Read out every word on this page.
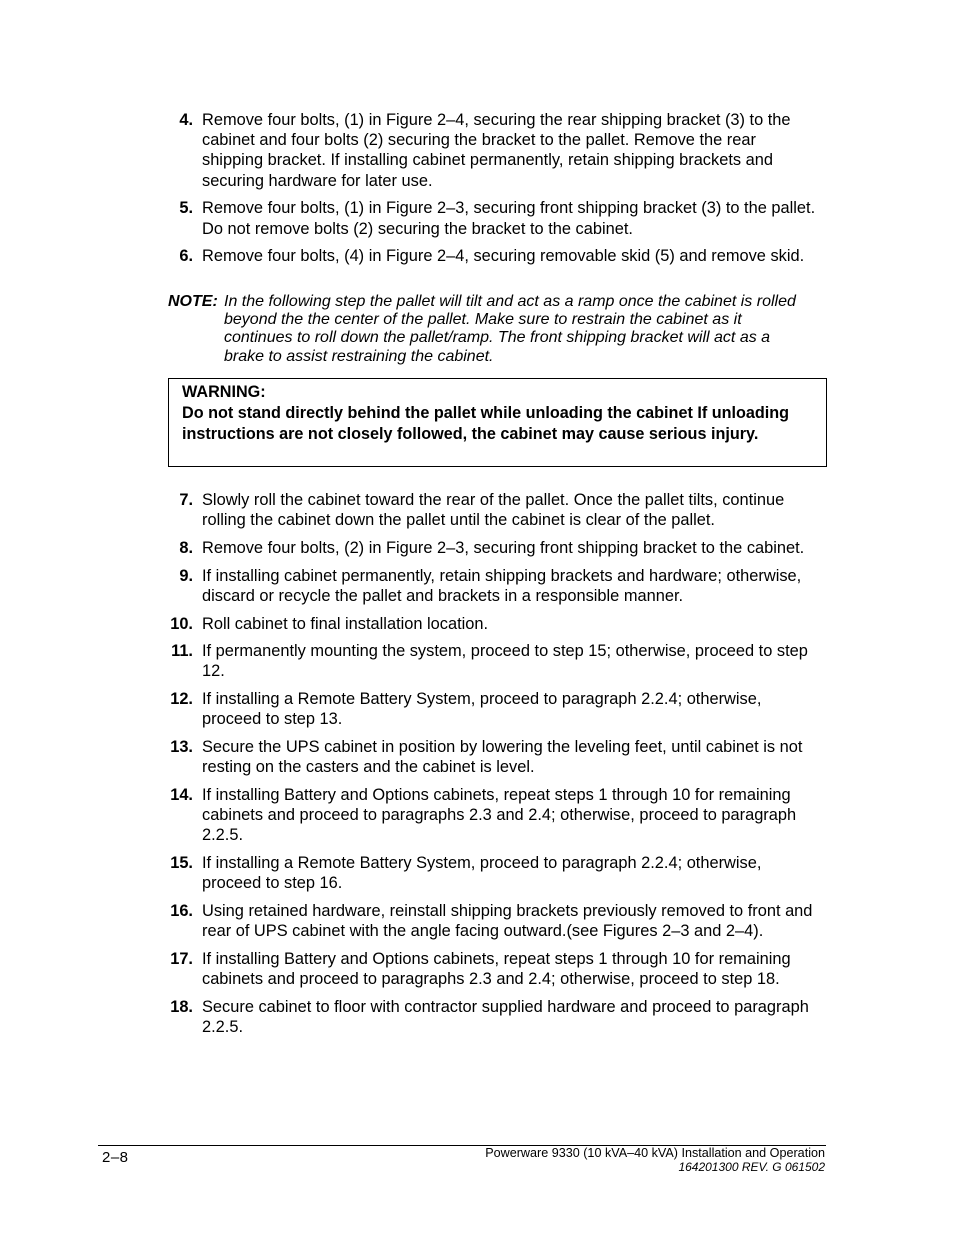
4. Remove four bolts, (1) in Figure 2–4, securing the rear shipping bracket (3) to the cabinet and four bolts (2) securing the bracket to the pallet. Remove the rear shipping bracket. If installing cabinet permanently, retain shipping brackets and securing hardware for later use.
5. Remove four bolts, (1) in Figure 2–3, securing front shipping bracket (3) to the pallet. Do not remove bolts (2) securing the bracket to the cabinet.
6. Remove four bolts, (4) in Figure 2–4, securing removable skid (5) and remove skid.
NOTE: In the following step the pallet will tilt and act as a ramp once the cabinet is rolled beyond the the center of the pallet. Make sure to restrain the cabinet as it continues to roll down the pallet/ramp. The front shipping bracket will act as a brake to assist restraining the cabinet.
WARNING:
Do not stand directly behind the pallet while unloading the cabinet If unloading instructions are not closely followed, the cabinet may cause serious injury.
7. Slowly roll the cabinet toward the rear of the pallet. Once the pallet tilts, continue rolling the cabinet down the pallet until the cabinet is clear of the pallet.
8. Remove four bolts, (2) in Figure 2–3, securing front shipping bracket to the cabinet.
9. If installing cabinet permanently, retain shipping brackets and hardware; otherwise, discard or recycle the pallet and brackets in a responsible manner.
10. Roll cabinet to final installation location.
11. If permanently mounting the system, proceed to step 15; otherwise, proceed to step 12.
12. If installing a Remote Battery System, proceed to paragraph 2.2.4; otherwise, proceed to step 13.
13. Secure the UPS cabinet in position by lowering the leveling feet, until cabinet is not resting on the casters and the cabinet is level.
14. If installing Battery and Options cabinets, repeat steps 1 through 10 for remaining cabinets and proceed to paragraphs 2.3 and 2.4; otherwise, proceed to paragraph 2.2.5.
15. If installing a Remote Battery System, proceed to paragraph 2.2.4; otherwise, proceed to step 16.
16. Using retained hardware, reinstall shipping brackets previously removed to front and rear of UPS cabinet with the angle facing outward.(see Figures 2–3 and 2–4).
17. If installing Battery and Options cabinets, repeat steps 1 through 10 for remaining cabinets and proceed to paragraphs 2.3 and 2.4; otherwise, proceed to step 18.
18. Secure cabinet to floor with contractor supplied hardware and proceed to paragraph 2.2.5.
2–8	Powerware 9330 (10 kVA–40 kVA) Installation and Operation
164201300 REV. G 061502
